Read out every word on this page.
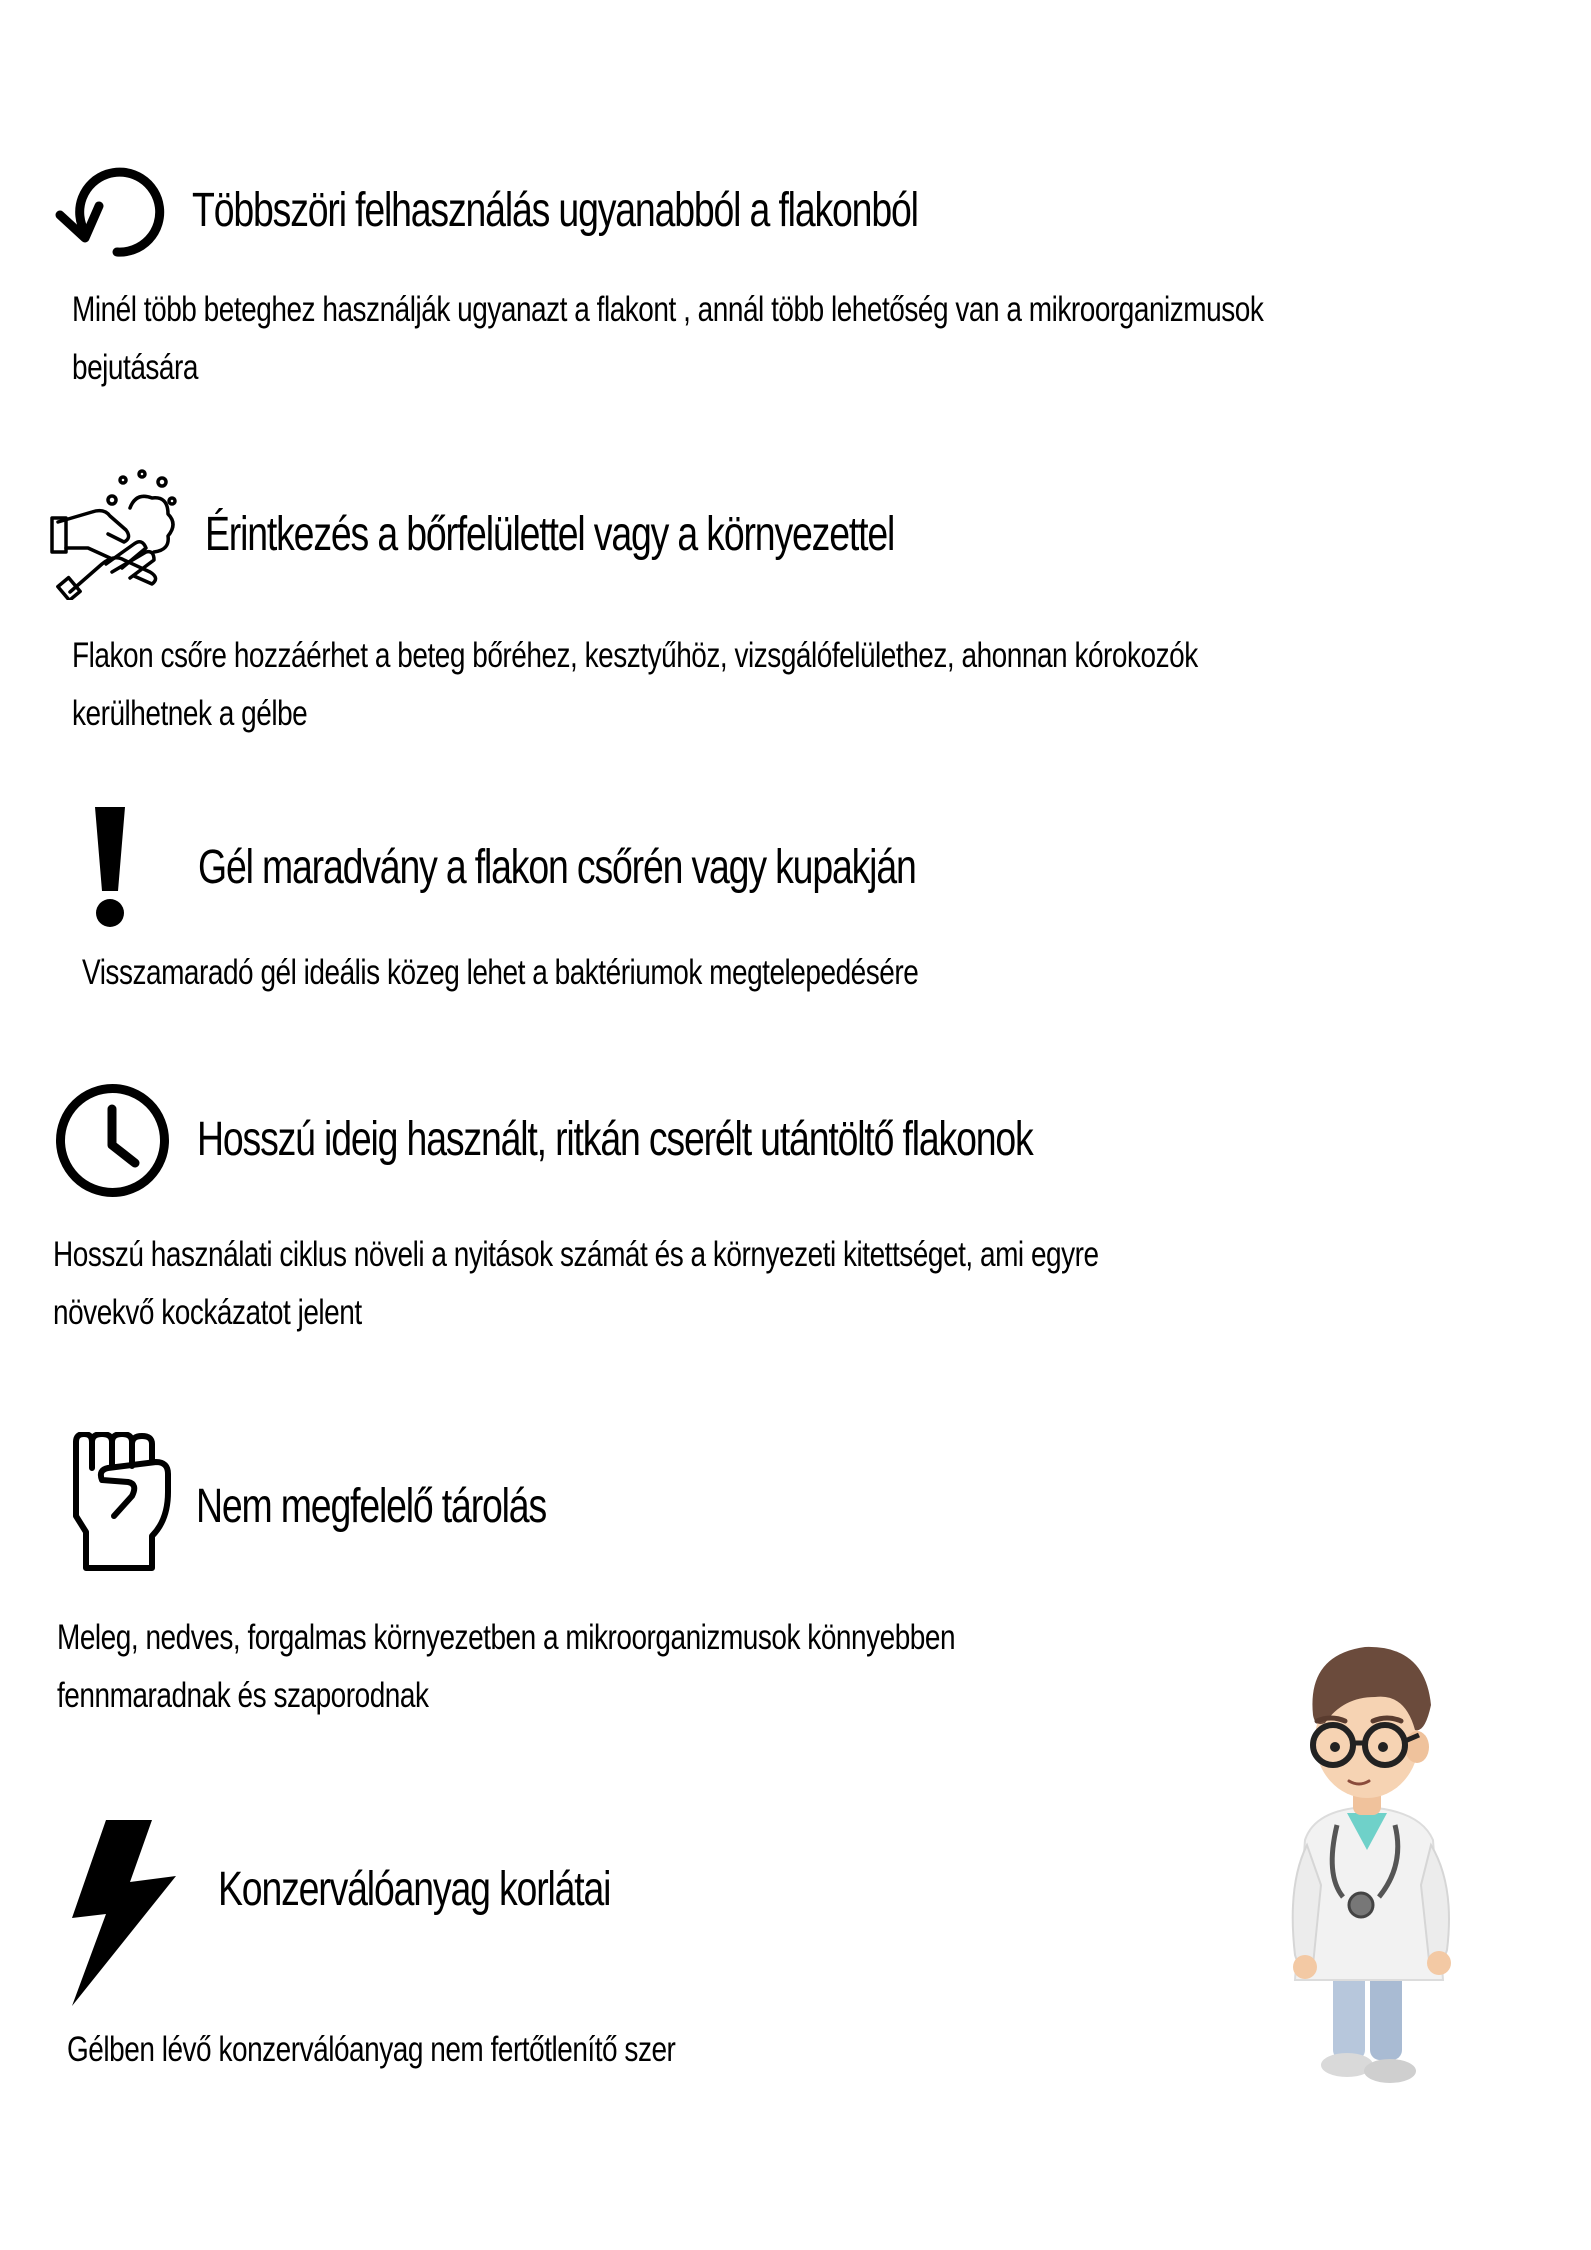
Többszöri felhasználás ugyanabból a flakonból
Minél több beteghez használják ugyanazt a flakont , annál több lehetőség van a mikroorganizmusok
bejutására
Érintkezés a bőrfelülettel vagy a környezettel
Flakon csőre hozzáérhet a beteg bőréhez, kesztyűhöz, vizsgálófelülethez, ahonnan kórokozók
kerülhetnek a gélbe
Gél maradvány a flakon csőrén vagy kupakján
Visszamaradó gél ideális közeg lehet a baktériumok megtelepedésére
Hosszú ideig használt, ritkán cserélt utántöltő flakonok
Hosszú használati ciklus növeli a nyitások számát és a környezeti kitettséget, ami egyre
növekvő kockázatot jelent
Nem megfelelő tárolás
Meleg, nedves, forgalmas környezetben a mikroorganizmusok könnyebben
fennmaradnak és szaporodnak
Konzerválóanyag korlátai
Gélben lévő konzerválóanyag nem fertőtlenítő szer
